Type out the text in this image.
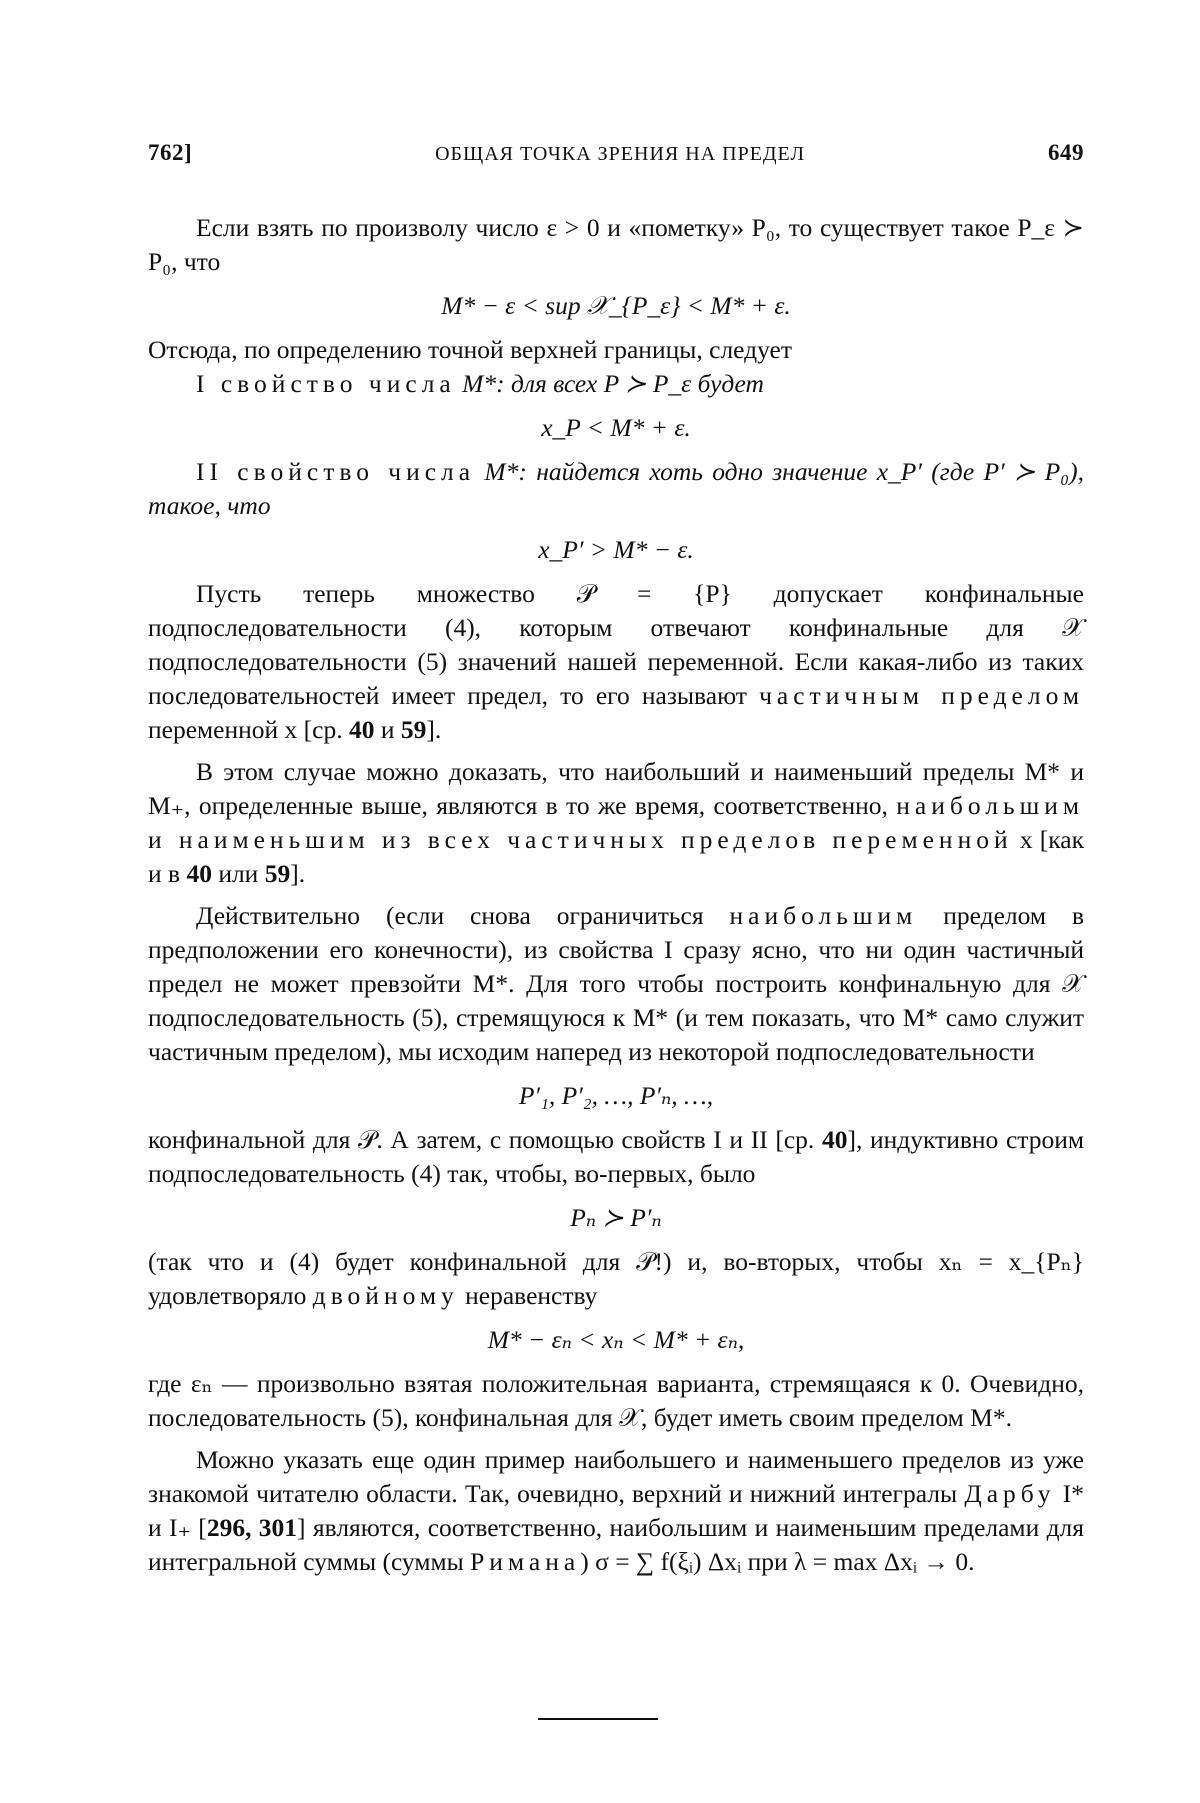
762]	ОБЩАЯ ТОЧКА ЗРЕНИЯ НА ПРЕДЕЛ	649

Если взять по произволу число ε > 0 и «пометку» P₀, то существует такое P_ε ≻ P₀, что

M* − ε < sup 𝒳_{P_ε} < M* + ε.

Отсюда, по определению точной верхней границы, следует

I свойство числа M*: для всех P ≻ P_ε будет

x_P < M* + ε.

II свойство числа M*: найдется хоть одно значение x_P′ (где P′ ≻ P₀), такое, что

x_P′ > M* − ε.

Пусть теперь множество 𝒫 = {P} допускает конфинальные подпоследовательности (4), которым отвечают конфинальные для 𝒳 подпоследовательности (5) значений нашей переменной. Если какая-либо из таких последовательностей имеет предел, то его называют частичным пределом переменной x [ср. 40 и 59].

В этом случае можно доказать, что наибольший и наименьший пределы M* и M₊, определенные выше, являются в то же время, соответственно, наибольшим и наименьшим из всех частичных пределов переменной x [как и в 40 или 59].

Действительно (если снова ограничиться наибольшим пределом в предположении его конечности), из свойства I сразу ясно, что ни один частичный предел не может превзойти M*. Для того чтобы построить конфинальную для 𝒳 подпоследовательность (5), стремящуюся к M* (и тем показать, что M* само служит частичным пределом), мы исходим наперед из некоторой подпоследовательности

P′₁, P′₂, …, P′ₙ, …,

конфинальной для 𝒫. А затем, с помощью свойств I и II [ср. 40], индуктивно строим подпоследовательность (4) так, чтобы, во-первых, было

Pₙ ≻ P′ₙ

(так что и (4) будет конфинальной для 𝒫!) и, во-вторых, чтобы xₙ = x_{Pₙ} удовлетворяло двойному неравенству

M* − εₙ < xₙ < M* + εₙ,

где εₙ — произвольно взятая положительная варианта, стремящаяся к 0. Очевидно, последовательность (5), конфинальная для 𝒳, будет иметь своим пределом M*.

Можно указать еще один пример наибольшего и наименьшего пределов из уже знакомой читателю области. Так, очевидно, верхний и нижний интегралы Дарбу I* и I₊ [296, 301] являются, соответственно, наибольшим и наименьшим пределами для интегральной суммы (суммы Римана) σ = ∑ f(ξᵢ) Δxᵢ при λ = max Δxᵢ → 0.
